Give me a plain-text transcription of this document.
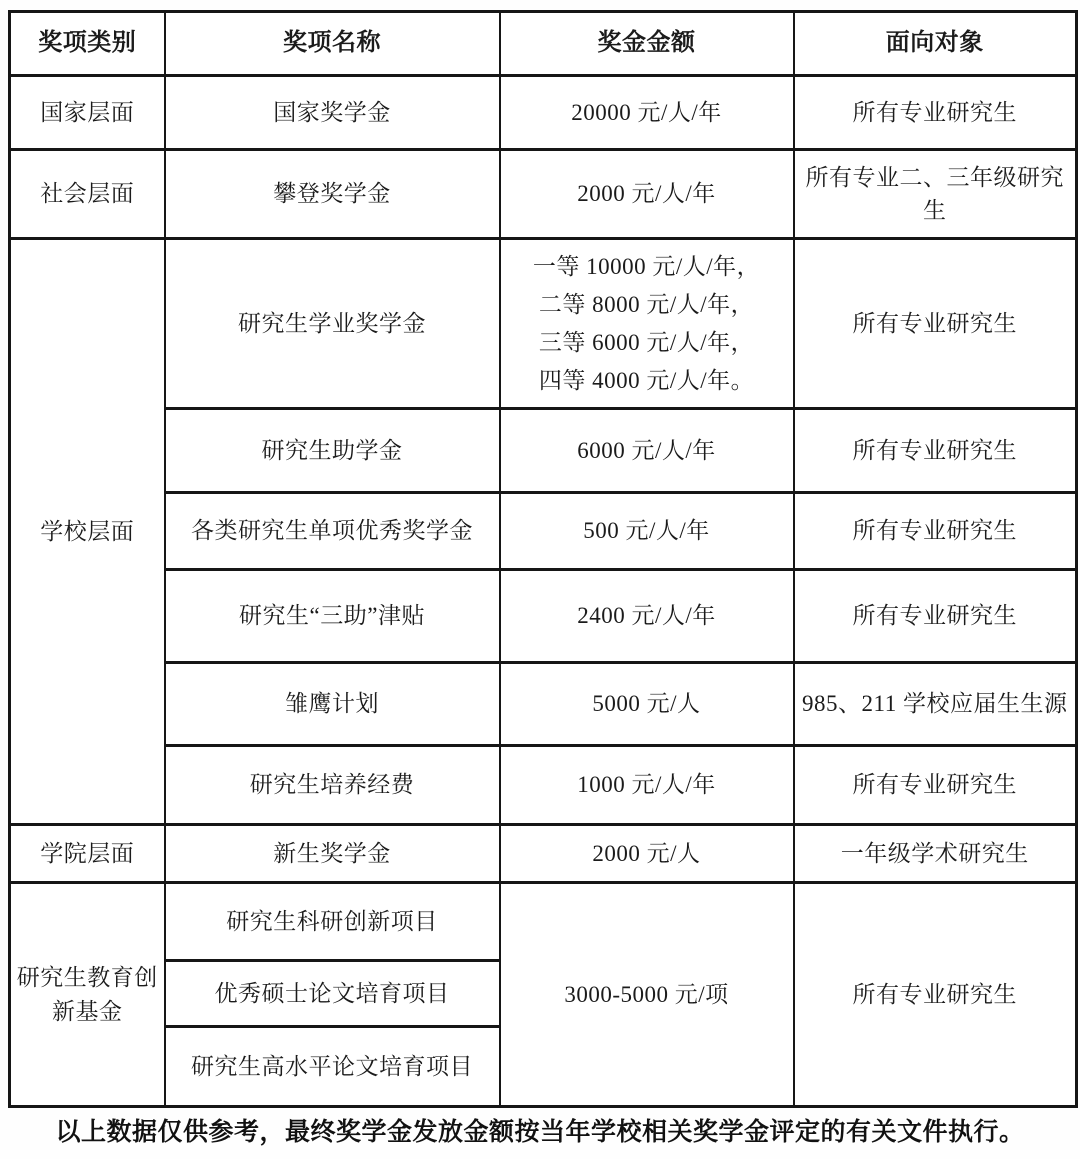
奖项类别	奖项名称	奖金金额	面向对象
国家层面	国家奖学金	20000 元/人/年	所有专业研究生
社会层面	攀登奖学金	2000 元/人/年	所有专业二、三年级研究生
学校层面	研究生学业奖学金	一等 10000 元/人/年，
二等 8000 元/人/年，
三等 6000 元/人/年，
四等 4000 元/人/年。	所有专业研究生
	研究生助学金	6000 元/人/年	所有专业研究生
	各类研究生单项优秀奖学金	500 元/人/年	所有专业研究生
	研究生“三助”津贴	2400 元/人/年	所有专业研究生
	雏鹰计划	5000 元/人	985、211 学校应届生生源
	研究生培养经费	1000 元/人/年	所有专业研究生
学院层面	新生奖学金	2000 元/人	一年级学术研究生
研究生教育创新基金	研究生科研创新项目	3000-5000 元/项	所有专业研究生
	优秀硕士论文培育项目		
	研究生高水平论文培育项目		
以上数据仅供参考，最终奖学金发放金额按当年学校相关奖学金评定的有关文件执行。
